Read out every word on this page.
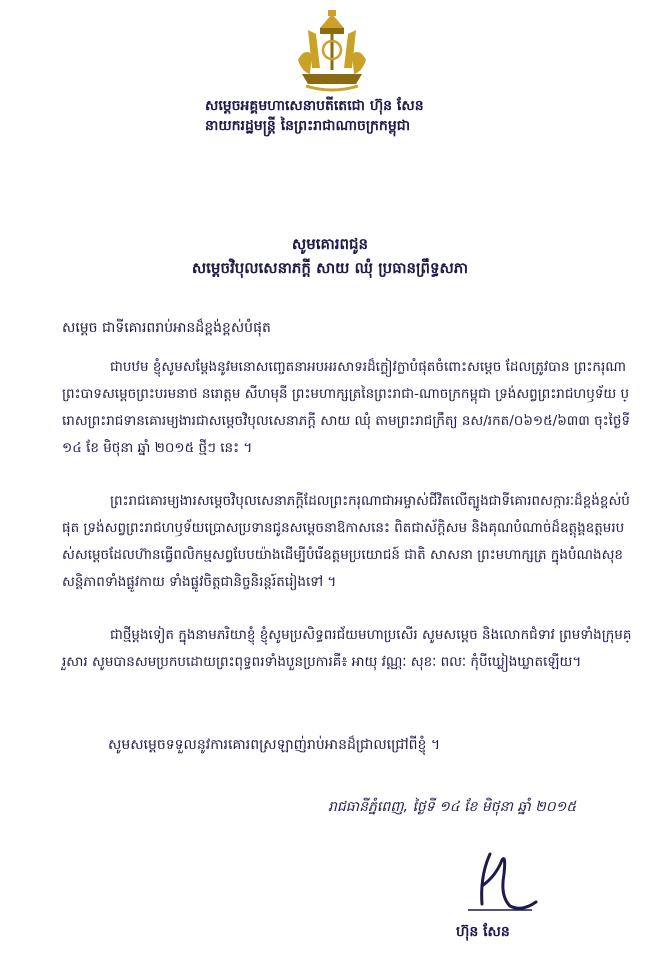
សម្តេចអគ្គមហាសេនាបតីតេជោ ហ៊ុន សែន
នាយករដ្ឋមន្ត្រី នៃព្រះរាជាណាចក្រកម្ពុជា
សូមគោរពជូន
សម្តេចវិបុលសេនាភក្តី សាយ ឈុំ ប្រធានព្រឹទ្ធសភា
សម្តេច ជាទីគោរពរាប់អានដ៏ខ្ពង់ខ្ពស់បំផុត

ជាបឋម ខ្ញុំសូមសម្តែងនូវមនោសញ្ចេតនាអបអរសាទរដ៏ក្លៀវក្លាបំផុតចំពោះសម្តេច ដែលត្រូវបាន ព្រះករុណាព្រះបាទសម្តេចព្រះបរមនាថ នរោត្តម សីហមុនី ព្រះមហាក្សត្រនៃព្រះរាជា-ណាចក្រកម្ពុជា ទ្រង់សព្វព្រះរាជហឫទ័យ ប្រោសព្រះរាជទានគោរម្យងារជាសម្តេចវិបុលសេនាភក្តី សាយ ឈុំ តាមព្រះរាជក្រឹត្យ នស/រកត/០៦១៥/៦៣៣ ចុះថ្ងៃទី ១៤ ខែ មិថុនា ឆ្នាំ ២០១៥ ថ្មីៗ នេះ ។

ព្រះរាជគោរម្យងារសម្តេចវិបុលសេនាភក្តីដែលព្រះករុណាជាអម្ចាស់ជីវិតលើត្បូងជាទីគោរពសក្ការៈដ៏ខ្ពង់ខ្ពស់បំផុត ទ្រង់សព្វព្រះរាជហឫទ័យប្រោសប្រទានជូនសម្តេចនាឱកាសនេះ ពិតជាស័ក្តិសម និងគុណបំណាច់ដ៏ឧត្តុង្គឧត្តមរបស់សម្តេចដែលហ៊ានធ្វើពលិកម្មសព្វបែបយ៉ាងដើម្បីបំរើឧត្តមប្រយោជន៍ ជាតិ សាសនា ព្រះមហាក្សត្រ ក្នុងបំណងសុខសន្តិភាពទាំងផ្លូវកាយ ទាំងផ្លូវចិត្តជានិច្ចនិរន្តរ៍តរៀងទៅ ។

ជាថ្មីម្តងទៀត ក្នុងនាមភរិយាខ្ញុំ ខ្ញុំសូមប្រសិទ្ធពរជ័យមហាប្រសើរ សូមសម្តេច និងលោកជំទាវ ព្រមទាំងក្រុមគ្រួសារ សូមបានសមប្រកបដោយព្រះពុទ្ធពរទាំងបួនប្រការគឺ៖ អាយុ វណ្ណៈ សុខៈ ពលៈ កុំបីឃ្លៀងឃ្លាតឡើយ។

សូមសម្តេចទទួលនូវការគោរពស្រឡាញ់រាប់អានដ៏ជ្រាលជ្រៅពីខ្ញុំ ។
រាជធានីភ្នំពេញ, ថ្ងៃទី ១៤ ខែ មិថុនា ឆ្នាំ ២០១៥
ហ៊ុន សែន
